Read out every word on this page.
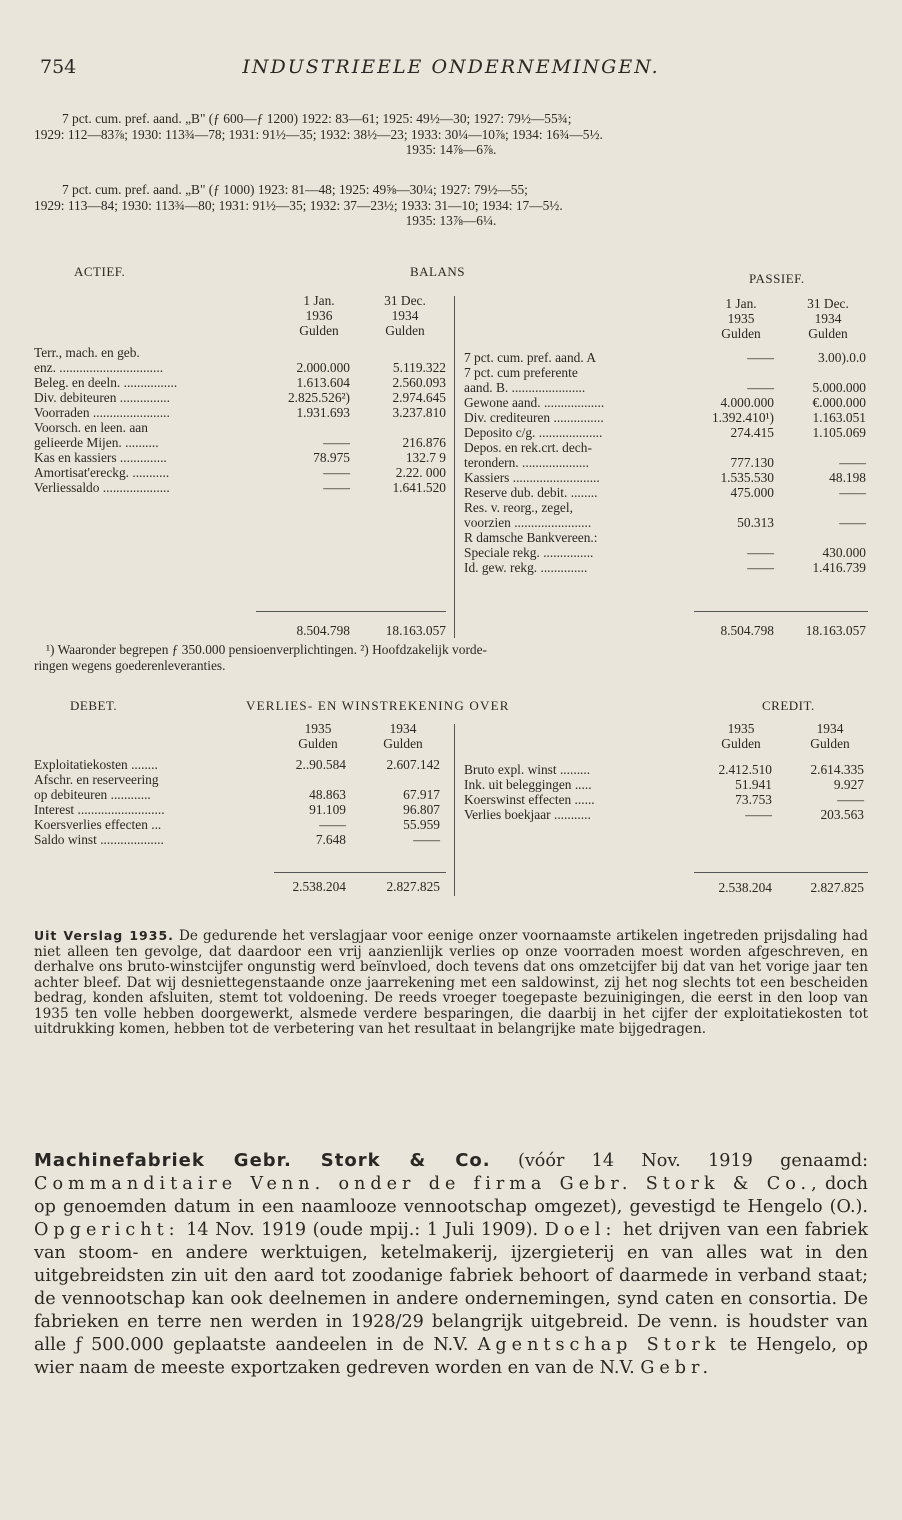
754	INDUSTRIEELE ONDERNEMINGEN.
7 pct. cum. pref. aand. „B" (ƒ 600—ƒ 1200) 1922: 83—61; 1925: 49½—30; 1927: 79½—55¾;
1929: 112—83⅞; 1930: 113¾—78; 1931: 91½—35; 1932: 38½—23; 1933: 30¼—10⅞; 1934: 16¾—5½.
1935: 14⅞—6⅞.
7 pct. cum. pref. aand. „B" (ƒ 1000) 1923: 81—48; 1925: 49⅝—30¼; 1927: 79½—55;
1929: 113—84; 1930: 113¾—80; 1931: 91½—35; 1932: 37—23½; 1933: 31—10; 1934: 17—5½.
1935: 13⅞—6¼.
ACTIEF.	BALANS	PASSIEF.
1 Jan.
1936
Gulden
31 Dec.
1934
Gulden
1 Jan.
1935
Gulden
31 Dec.
1934
Gulden
Terr., mach. en geb.
enz. ...............................	2.000.000	5.119.322
Beleg. en deeln. ................	1.613.604	2.560.093
Div. debiteuren ...............	2.825.526²)	2.974.645
Voorraden .......................	1.931.693	3.237.810
Voorsch. en leen. aan
gelieerde Mijen. ..........	——	216.876
Kas en kassiers ..............	78.975	132.7 9
Amortisat'ereckg. ...........	——	2.22. 000
Verliessaldo ....................	——	1.641.520
7 pct. cum. pref. aand. A	——	3.00).0.0
7 pct. cum preferente
aand. B. ......................	——	5.000.000
Gewone aand. ..................	4.000.000	€.000.000
Div. crediteuren ...............	1.392.410¹)	1.163.051
Deposito c/g. ...................	274.415	1.105.069
Depos. en rek.crt. dech-
terondern. ....................	777.130	——
Kassiers ..........................	1.535.530	48.198
Reserve dub. debit. ........	475.000	——
Res. v. reorg., zegel,
voorzien .......................	50.313	——
R damsche Bankvereen.:
Speciale rekg. ...............	——	430.000
Id. gew. rekg. ..............	——	1.416.739
8.504.798	18.163.057	8.504.798 18.163.057
¹) Waaronder begrepen ƒ 350.000 pensioenverplichtingen. ²) Hoofdzakelijk vorde-
ringen wegens goederenleveranties.
DEBET.	VERLIES- EN WINSTREKENING OVER	CREDIT.
1935
Gulden
1934
Gulden
1935
Gulden
1934
Gulden
Exploitatiekosten ........	2..90.584	2.607.142
Afschr. en reserveering
op debiteuren ............	48.863	67.917
Interest ..........................	91.109	96.807
Koersverlies effecten ...	——	55.959
Saldo winst ...................	7.648	——
Bruto expl. winst .........	2.412.510	2.614.335
Ink. uit beleggingen .....	51.941	9.927
Koerswinst effecten ......	73.753	——
Verlies boekjaar ...........	——	203.563
2.538.204	2.827.825	2.538.204	2.827.825
Uit Verslag 1935. De gedurende het verslagjaar voor eenige onzer voornaamste artikelen ingetreden prijsdaling had niet alleen ten gevolge, dat daardoor een vrij aanzienlijk verlies op onze voorraden moest worden afgeschreven, en derhalve ons bruto-winstcijfer ongunstig werd beïnvloed, doch tevens dat ons omzetcijfer bij dat van het vorige jaar ten achter bleef. Dat wij desniettegenstaande onze jaarrekening met een saldowinst, zij het nog slechts tot een bescheiden bedrag, konden afsluiten, stemt tot voldoening. De reeds vroeger toegepaste bezuinigingen, die eerst in den loop van 1935 ten volle hebben doorgewerkt, alsmede verdere besparingen, die daarbij in het cijfer der exploitatiekosten tot uitdrukking komen, hebben tot de verbetering van het resultaat in belangrijke mate bijgedragen.
Machinefabriek Gebr. Stork & Co. (vóór 14 Nov. 1919 genaamd: Commanditaire Venn. onder de firma Gebr. Stork & Co., doch op genoemden datum in een naamlooze vennootschap omgezet), gevestigd te Hengelo (O.). Opgericht: 14 Nov. 1919 (oude mpij.: 1 Juli 1909). Doel: het drijven van een fabriek van stoom- en andere werktuigen, ketelmakerij, ijzergieterij en van alles wat in den uitgebreidsten zin uit den aard tot zoodanige fabriek behoort of daarmede in verband staat; de vennootschap kan ook deelnemen in andere ondernemingen, synd caten en consortia. De fabrieken en terre nen werden in 1928/29 belangrijk uitgebreid. De venn. is houdster van alle ƒ 500.000 geplaatste aandeelen in de N.V. Agentschap Stork te Hengelo, op wier naam de meeste exportzaken gedreven worden en van de N.V. Gebr.
